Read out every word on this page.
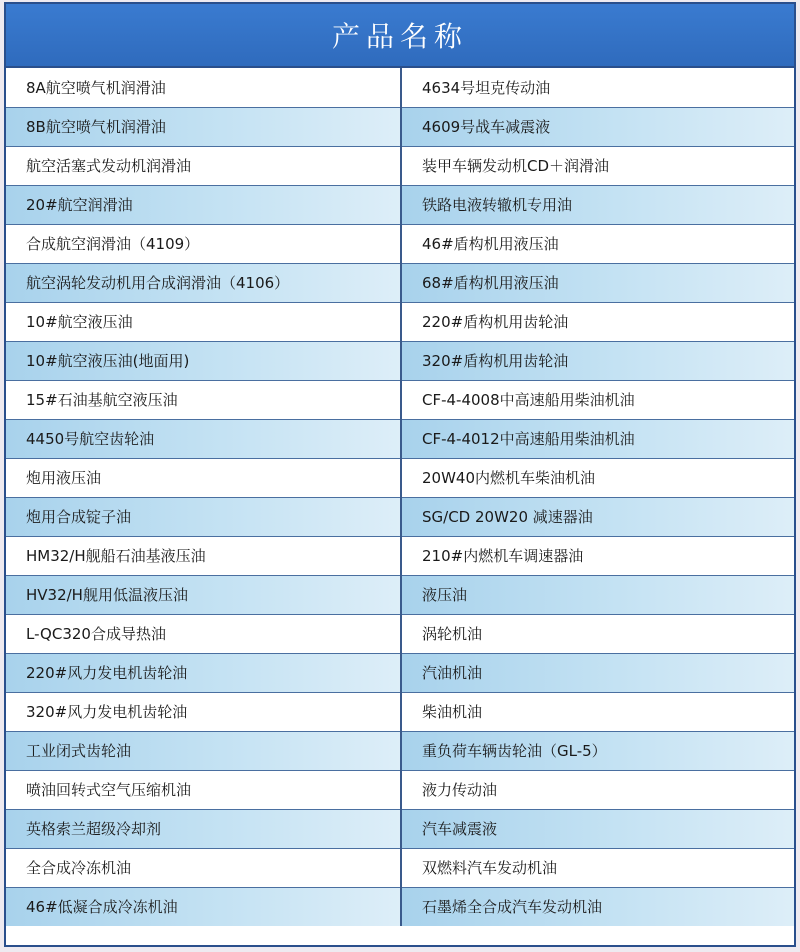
产品名称
8A航空喷气机润滑油	4634号坦克传动油
8B航空喷气机润滑油	4609号战车减震液
航空活塞式发动机润滑油	装甲车辆发动机CD＋润滑油
20#航空润滑油	铁路电液转辙机专用油
合成航空润滑油（4109）	46#盾构机用液压油
航空涡轮发动机用合成润滑油（4106）	68#盾构机用液压油
10#航空液压油	220#盾构机用齿轮油
10#航空液压油(地面用)	320#盾构机用齿轮油
15#石油基航空液压油	CF-4-4008中高速船用柴油机油
4450号航空齿轮油	CF-4-4012中高速船用柴油机油
炮用液压油	20W40内燃机车柴油机油
炮用合成锭子油	SG/CD 20W20 减速器油
HM32/H舰船石油基液压油	210#内燃机车调速器油
HV32/H舰用低温液压油	液压油
L-QC320合成导热油	涡轮机油
220#风力发电机齿轮油	汽油机油
320#风力发电机齿轮油	柴油机油
工业闭式齿轮油	重负荷车辆齿轮油（GL-5）
喷油回转式空气压缩机油	液力传动油
英格索兰超级冷却剂	汽车减震液
全合成冷冻机油	双燃料汽车发动机油
46#低凝合成冷冻机油	石墨烯全合成汽车发动机油
